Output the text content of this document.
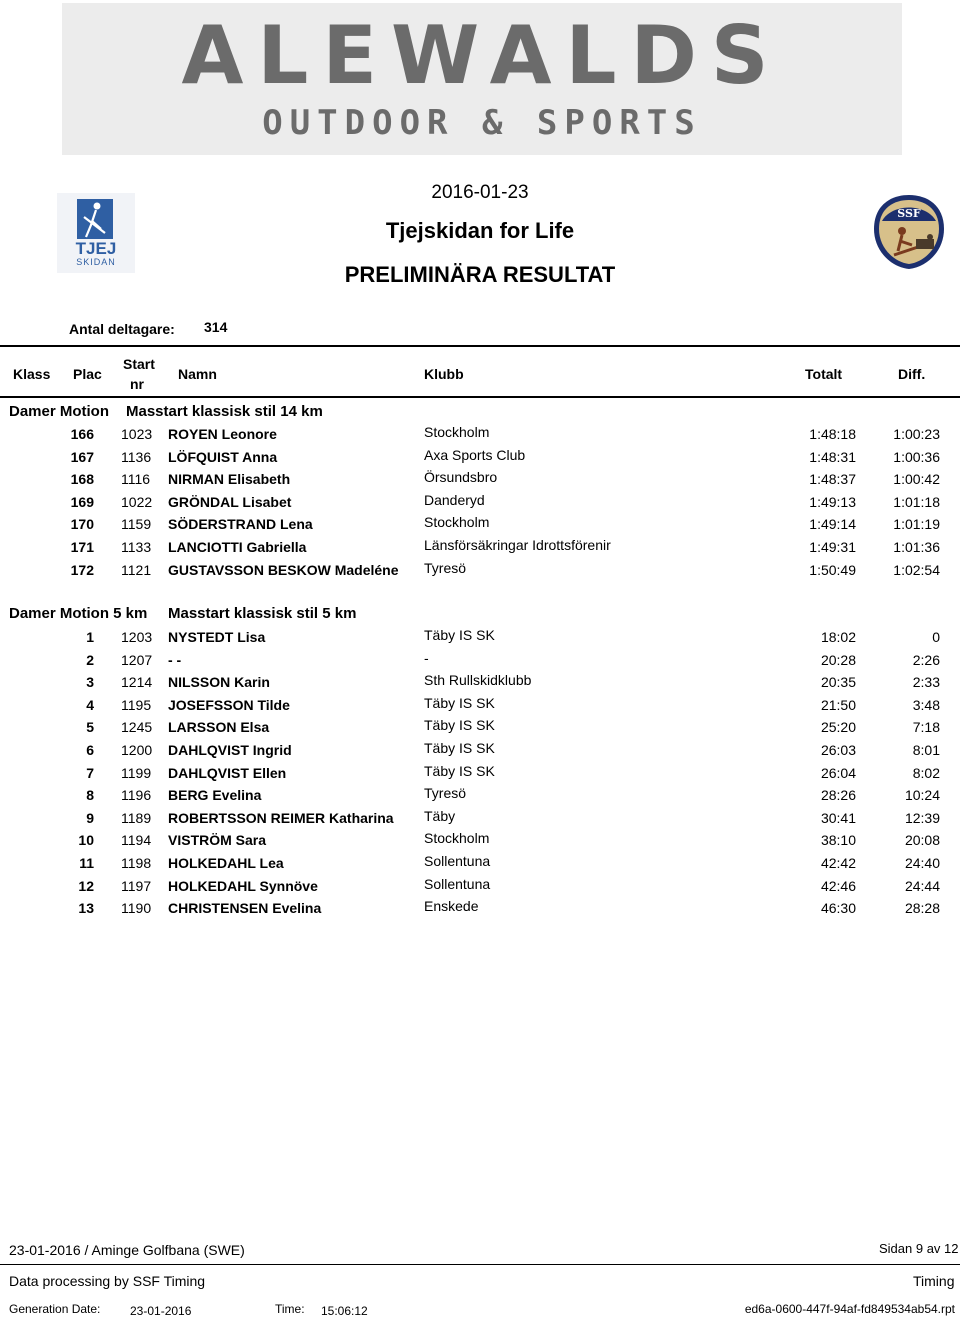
ALEWALDS
OUTDOOR & SPORTS
TJEJ
SKIDAN
SSF
2016-01-23
Tjejskidan for Life
PRELIMINÄRA RESULTAT
Antal deltagare: 314
Klass Plac
Start
nr
Namn	Klubb	Totalt	Diff.
Damer Motion Masstart klassisk stil 14 km
166 1023 ROYEN Leonore	Stockholm	1:48:18	1:00:23
167 1136 LÖFQUIST Anna	Axa Sports Club	1:48:31	1:00:36
168 1116 NIRMAN Elisabeth	Örsundsbro	1:48:37	1:00:42
169 1022 GRÖNDAL Lisabet	Danderyd	1:49:13	1:01:18
170 1159 SÖDERSTRAND Lena	Stockholm	1:49:14	1:01:19
171 1133 LANCIOTTI Gabriella	Länsförsäkringar Idrottsförenir	1:49:31	1:01:36
172 1121 GUSTAVSSON BESKOW Madeléne	Tyresö	1:50:49	1:02:54
Damer Motion 5 km Masstart klassisk stil 5 km
1 1203 NYSTEDT Lisa	Täby IS SK	18:02	0
2 1207 - -	-	20:28	2:26
3 1214 NILSSON Karin	Sth Rullskidklubb	20:35	2:33
4 1195 JOSEFSSON Tilde	Täby IS SK	21:50	3:48
5 1245 LARSSON Elsa	Täby IS SK	25:20	7:18
6 1200 DAHLQVIST Ingrid	Täby IS SK	26:03	8:01
7 1199 DAHLQVIST Ellen	Täby IS SK	26:04	8:02
8 1196 BERG Evelina	Tyresö	28:26	10:24
9 1189 ROBERTSSON REIMER Katharina	Täby	30:41	12:39
10 1194 VISTRÖM Sara	Stockholm	38:10	20:08
11 1198 HOLKEDAHL Lea	Sollentuna	42:42	24:40
12 1197 HOLKEDAHL Synnöve	Sollentuna	42:46	24:44
13 1190 CHRISTENSEN Evelina	Enskede	46:30	28:28
23-01-2016 / Aminge Golfbana (SWE)	Sidan 9 av 12
Data processing by SSF Timing	Timing
Generation Date: 23-01-2016	Time: 15:06:12	ed6a-0600-447f-94af-fd849534ab54.rpt
